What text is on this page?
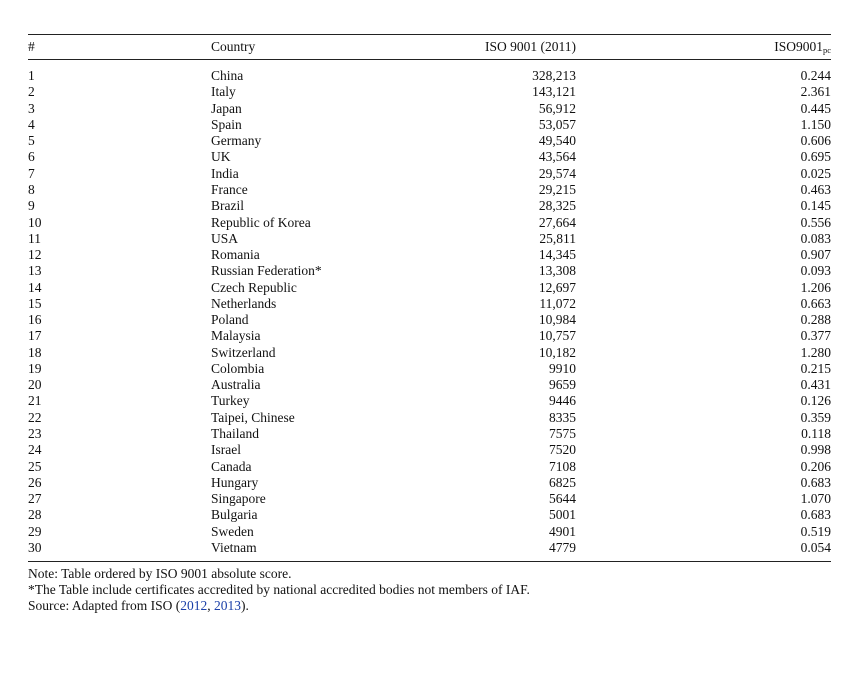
#	Country	ISO 9001 (2011)	$ISO9001_{pc}$
1	China	328,213	0.244
2	Italy	143,121	2.361
3	Japan	56,912	0.445
4	Spain	53,057	1.150
5	Germany	49,540	0.606
6	UK	43,564	0.695
7	India	29,574	0.025
8	France	29,215	0.463
9	Brazil	28,325	0.145
10	Republic of Korea	27,664	0.556
11	USA	25,811	0.083
12	Romania	14,345	0.907
13	Russian Federation*	13,308	0.093
14	Czech Republic	12,697	1.206
15	Netherlands	11,072	0.663
16	Poland	10,984	0.288
17	Malaysia	10,757	0.377
18	Switzerland	10,182	1.280
19	Colombia	9910	0.215
20	Australia	9659	0.431
21	Turkey	9446	0.126
22	Taipei, Chinese	8335	0.359
23	Thailand	7575	0.118
24	Israel	7520	0.998
25	Canada	7108	0.206
26	Hungary	6825	0.683
27	Singapore	5644	1.070
28	Bulgaria	5001	0.683
29	Sweden	4901	0.519
30	Vietnam	4779	0.054
Note: Table ordered by ISO 9001 absolute score.
*The Table include certificates accredited by national accredited bodies not members of IAF.
Source: Adapted from ISO (2012, 2013).
